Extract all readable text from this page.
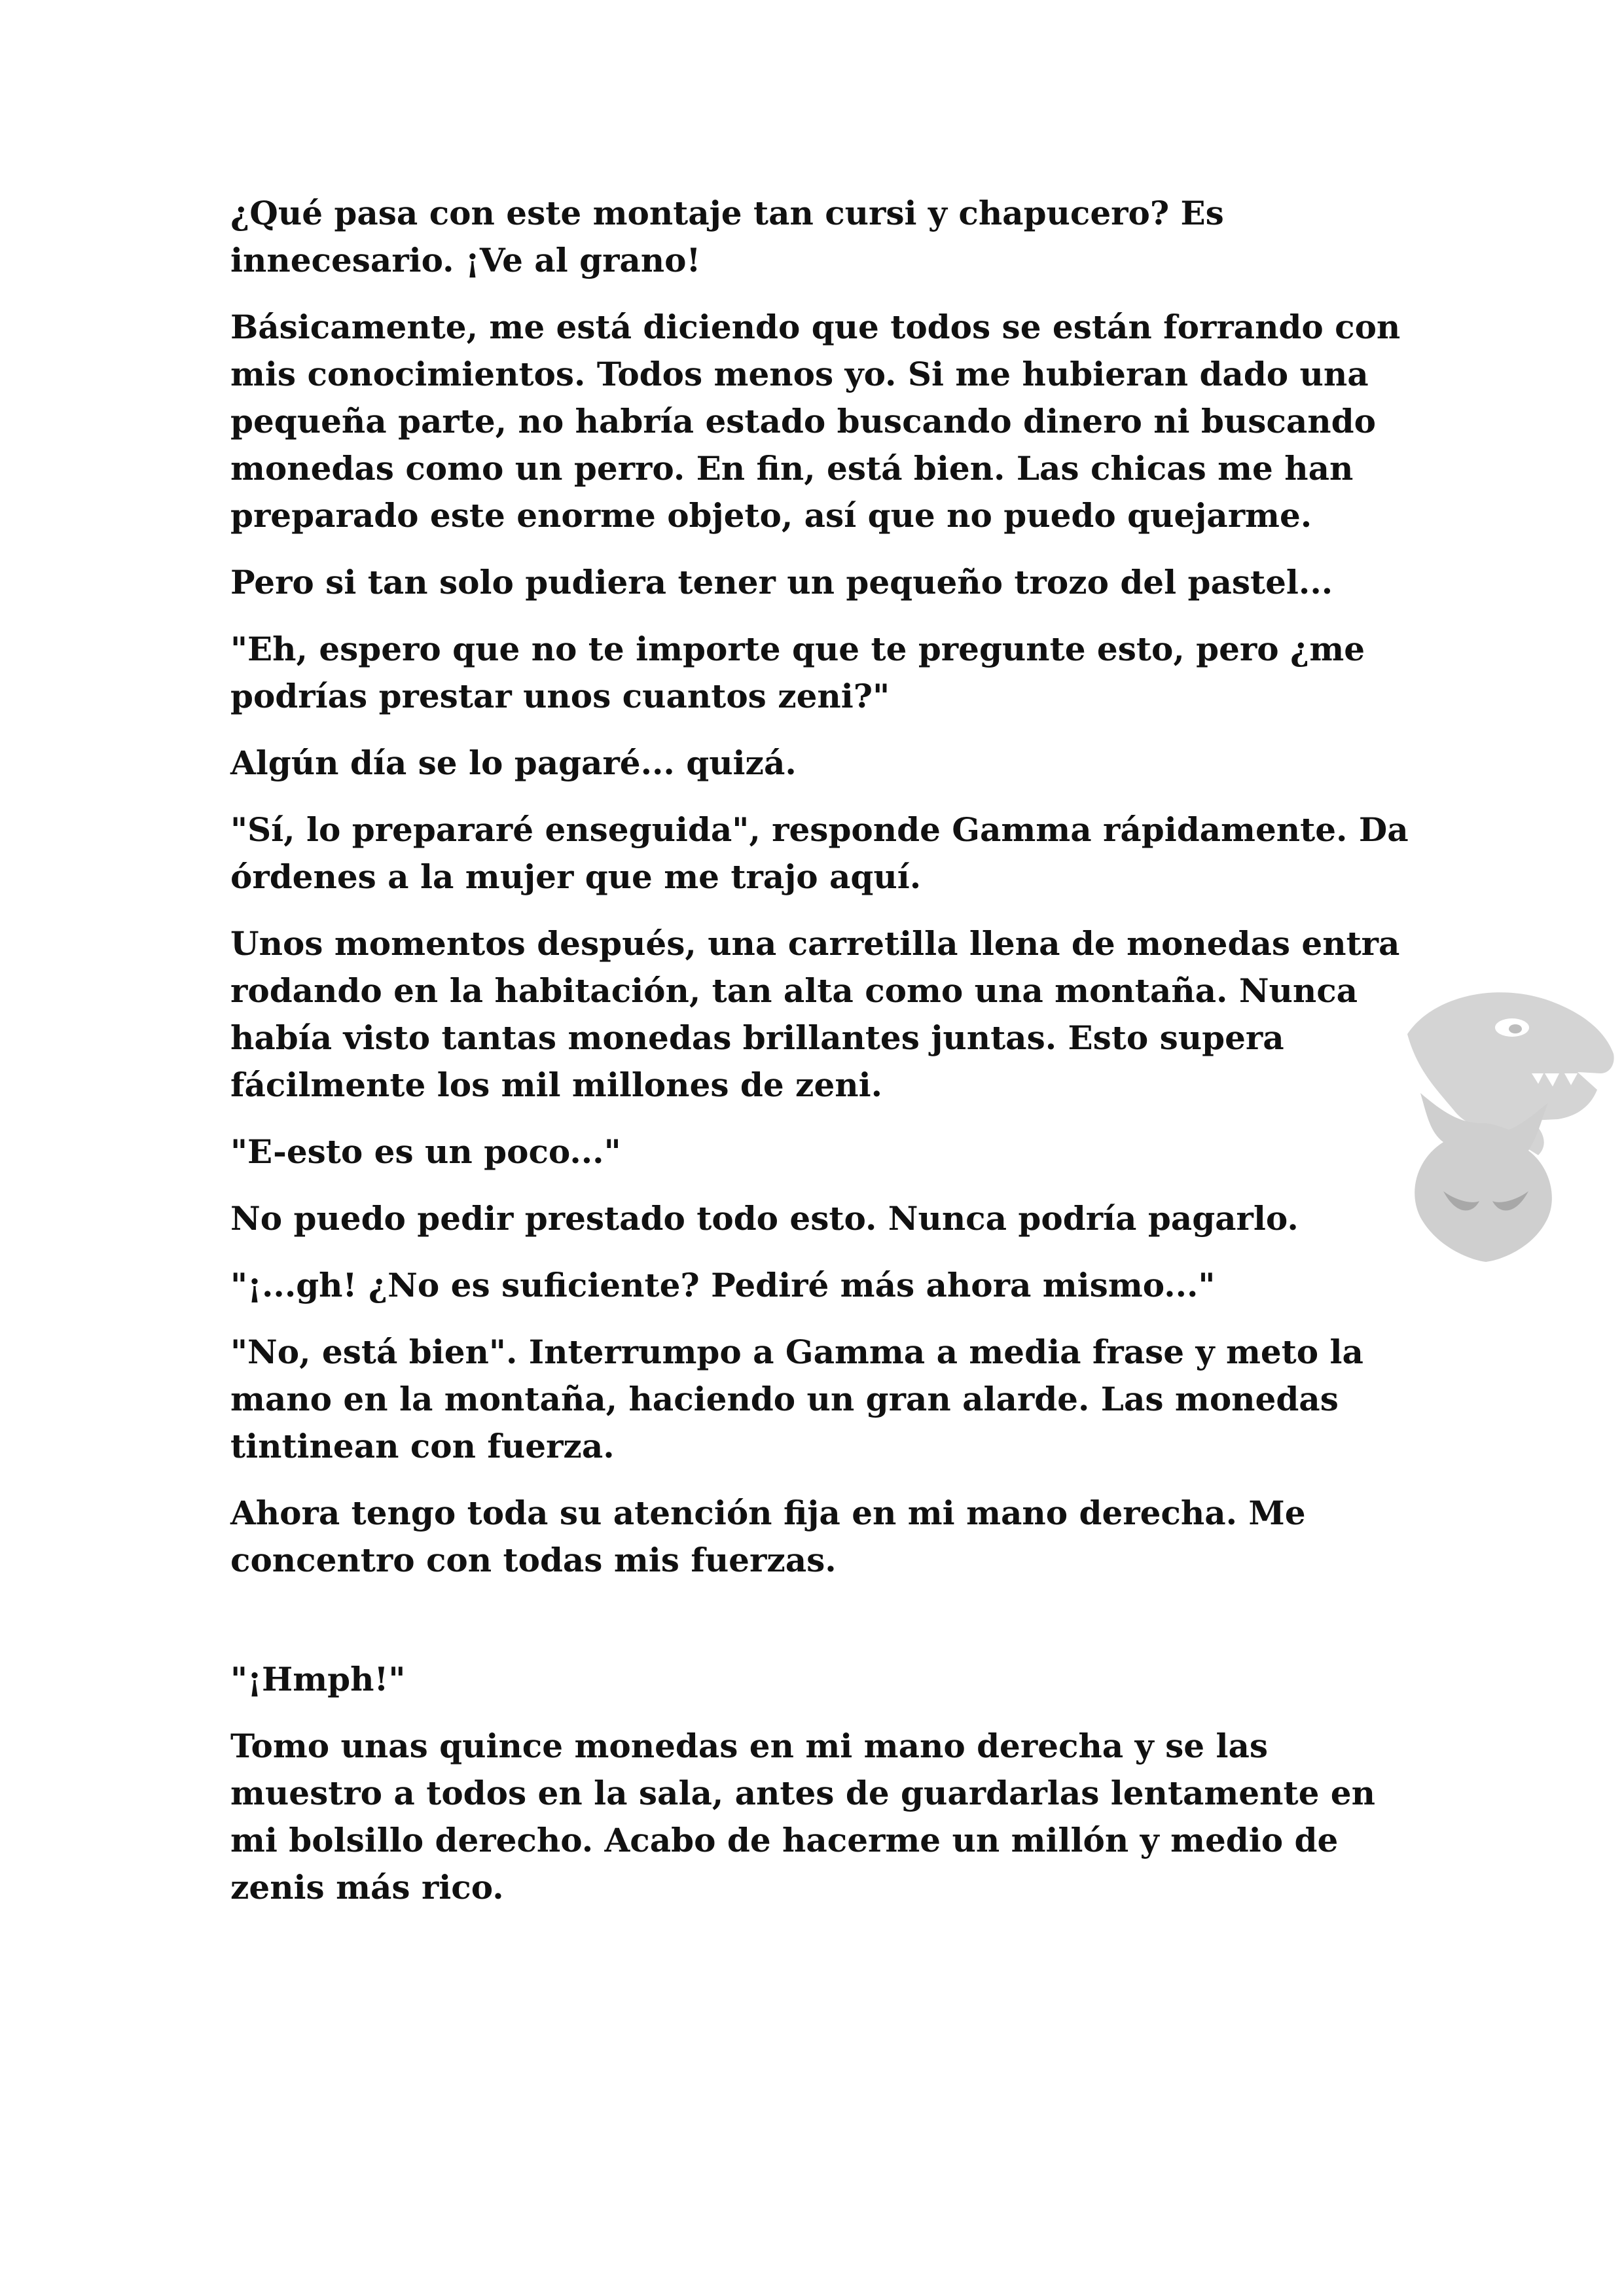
¿Qué pasa con este montaje tan cursi y chapucero? Es innecesario. ¡Ve al grano!

Básicamente, me está diciendo que todos se están forrando con mis conocimientos. Todos menos yo. Si me hubieran dado una pequeña parte, no habría estado buscando dinero ni buscando monedas como un perro. En fin, está bien. Las chicas me han preparado este enorme objeto, así que no puedo quejarme.

Pero si tan solo pudiera tener un pequeño trozo del pastel...

"Eh, espero que no te importe que te pregunte esto, pero ¿me podrías prestar unos cuantos zeni?"

Algún día se lo pagaré... quizá.

"Sí, lo prepararé enseguida", responde Gamma rápidamente. Da órdenes a la mujer que me trajo aquí.

Unos momentos después, una carretilla llena de monedas entra rodando en la habitación, tan alta como una montaña. Nunca había visto tantas monedas brillantes juntas. Esto supera fácilmente los mil millones de zeni.

"E-esto es un poco..."

No puedo pedir prestado todo esto. Nunca podría pagarlo.

"¡...gh! ¿No es suficiente? Pediré más ahora mismo..."

"No, está bien". Interrumpo a Gamma a media frase y meto la mano en la montaña, haciendo un gran alarde. Las monedas tintinean con fuerza.

Ahora tengo toda su atención fija en mi mano derecha. Me concentro con todas mis fuerzas.

"¡Hmph!"

Tomo unas quince monedas en mi mano derecha y se las muestro a todos en la sala, antes de guardarlas lentamente en mi bolsillo derecho. Acabo de hacerme un millón y medio de zenis más rico.
